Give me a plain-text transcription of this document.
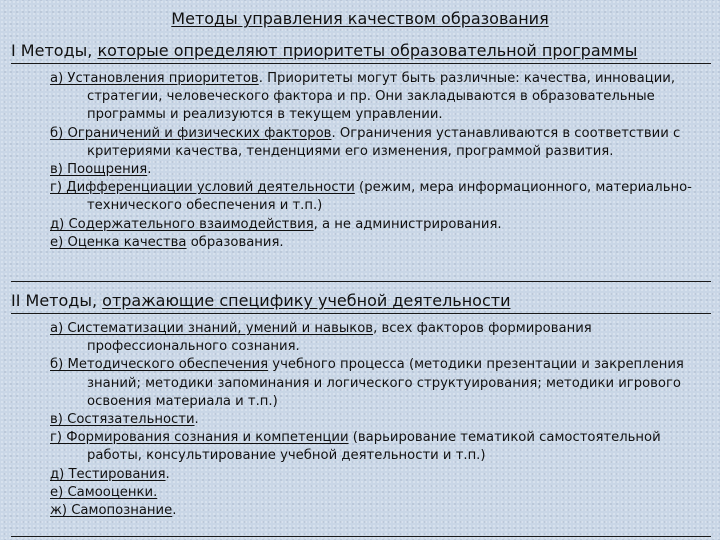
Методы управления качеством образования
I Методы, которые определяют приоритеты образовательной программы
а) Установления приоритетов. Приоритеты могут быть различные: качества, инновации, стратегии, человеческого фактора и пр. Они закладываются в образовательные программы и реализуются в текущем управлении.
б) Ограничений и физических факторов. Ограничения устанавливаются в соответствии с критериями качества, тенденциями его изменения, программой развития.
в) Поощрения.
г) Дифференциации условий деятельности (режим, мера информационного, материально-технического обеспечения и т.п.)
д) Содержательного взаимодействия, а не администрирования.
е) Оценка качества образования.
II Методы, отражающие специфику учебной деятельности
а) Систематизации знаний, умений и навыков, всех факторов формирования профессионального сознания.
б) Методического обеспечения учебного процесса (методики презентации и закрепления знаний; методики запоминания и логического структуирования; методики игрового освоения материала и т.п.)
в) Состязательности.
г) Формирования сознания и компетенции (варьирование тематикой самостоятельной работы, консультирование учебной деятельности и т.п.)
д) Тестирования.
е) Самооценки.
ж) Самопознание.
